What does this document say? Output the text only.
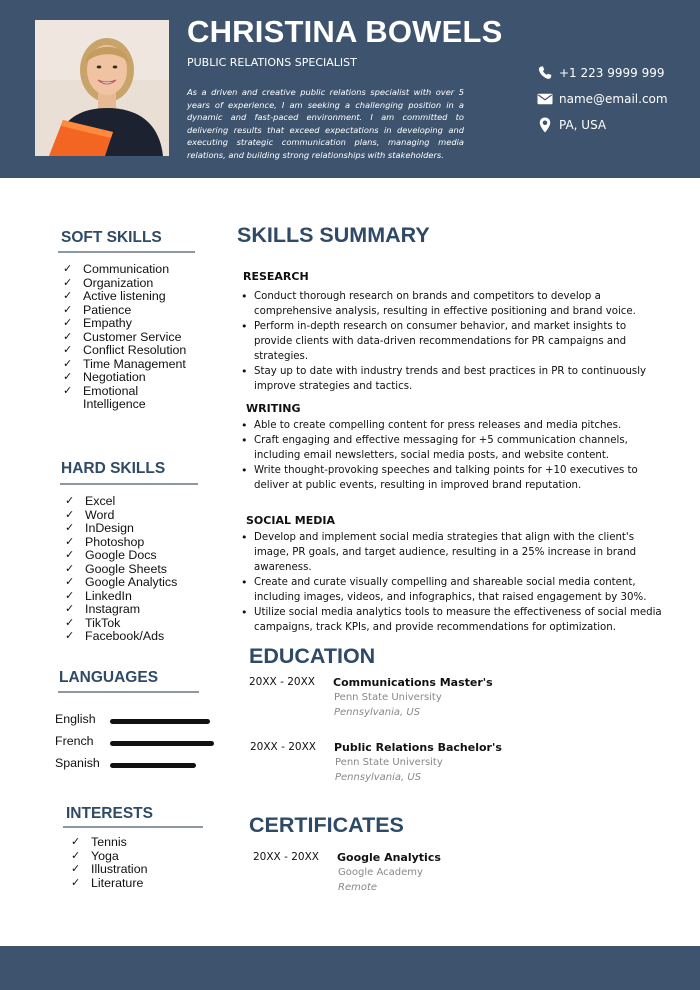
CHRISTINA BOWELS
PUBLIC RELATIONS SPECIALIST

As a driven and creative public relations specialist with over 5 years of experience, I am seeking a challenging position in a dynamic and fast-paced environment. I am committed to delivering results that exceed expectations in developing and executing strategic communication plans, managing media relations, and building strong relationships with stakeholders.

+1 223 9999 999
name@email.com
PA, USA
SOFT SKILLS
✓ Communication
✓ Organization
✓ Active listening
✓ Patience
✓ Empathy
✓ Customer Service
✓ Conflict Resolution
✓ Time Management
✓ Negotiation
✓ Emotional Intelligence
HARD SKILLS
✓ Excel
✓ Word
✓ InDesign
✓ Photoshop
✓ Google Docs
✓ Google Sheets
✓ Google Analytics
✓ LinkedIn
✓ Instagram
✓ TikTok
✓ Facebook/Ads
LANGUAGES
English
French
Spanish
INTERESTS
✓ Tennis
✓ Yoga
✓ Illustration
✓ Literature
SKILLS SUMMARY
RESEARCH
• Conduct thorough research on brands and competitors to develop a comprehensive analysis, resulting in effective positioning and brand voice.
• Perform in-depth research on consumer behavior, and market insights to provide clients with data-driven recommendations for PR campaigns and strategies.
• Stay up to date with industry trends and best practices in PR to continuously improve strategies and tactics.
WRITING
• Able to create compelling content for press releases and media pitches.
• Craft engaging and effective messaging for +5 communication channels, including email newsletters, social media posts, and website content.
• Write thought-provoking speeches and talking points for +10 executives to deliver at public events, resulting in improved brand reputation.
SOCIAL MEDIA
• Develop and implement social media strategies that align with the client's image, PR goals, and target audience, resulting in a 25% increase in brand awareness.
• Create and curate visually compelling and shareable social media content, including images, videos, and infographics, that raised engagement by 30%.
• Utilize social media analytics tools to measure the effectiveness of social media campaigns, track KPIs, and provide recommendations for optimization.
EDUCATION
20XX - 20XX Communications Master's
Penn State University
Pennsylvania, US
20XX - 20XX Public Relations Bachelor's
Penn State University
Pennsylvania, US
CERTIFICATES
20XX - 20XX Google Analytics
Google Academy
Remote
